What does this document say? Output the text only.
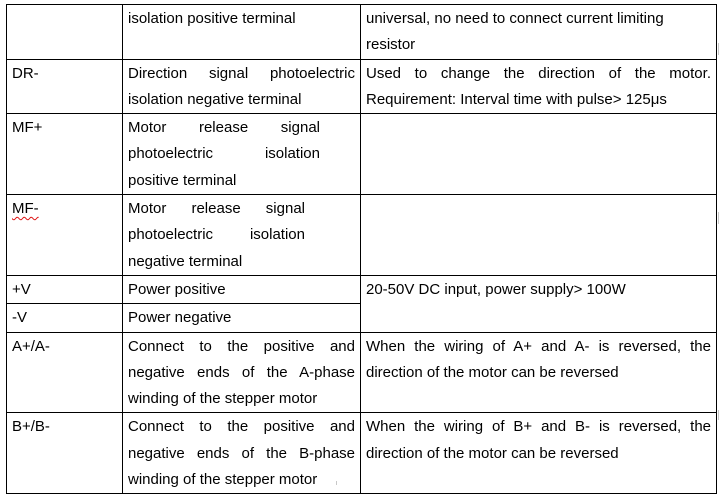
	isolation positive terminal	universal, no need to connect current limiting resistor
DR-	Direction signal photoelectric isolation negative terminal	Used to change the direction of the motor. Requirement: Interval time with pulse> 125μs
MF+	Motor release signal photoelectric isolation positive terminal	
MF-	Motor release signal photoelectric isolation negative terminal	
+V	Power positive	20-50V DC input, power supply> 100W
-V	Power negative	
A+/A-	Connect to the positive and negative ends of the A-phase winding of the stepper motor	When the wiring of A+ and A- is reversed, the direction of the motor can be reversed
B+/B-	Connect to the positive and negative ends of the B-phase winding of the stepper motor	When the wiring of B+ and B- is reversed, the direction of the motor can be reversed
